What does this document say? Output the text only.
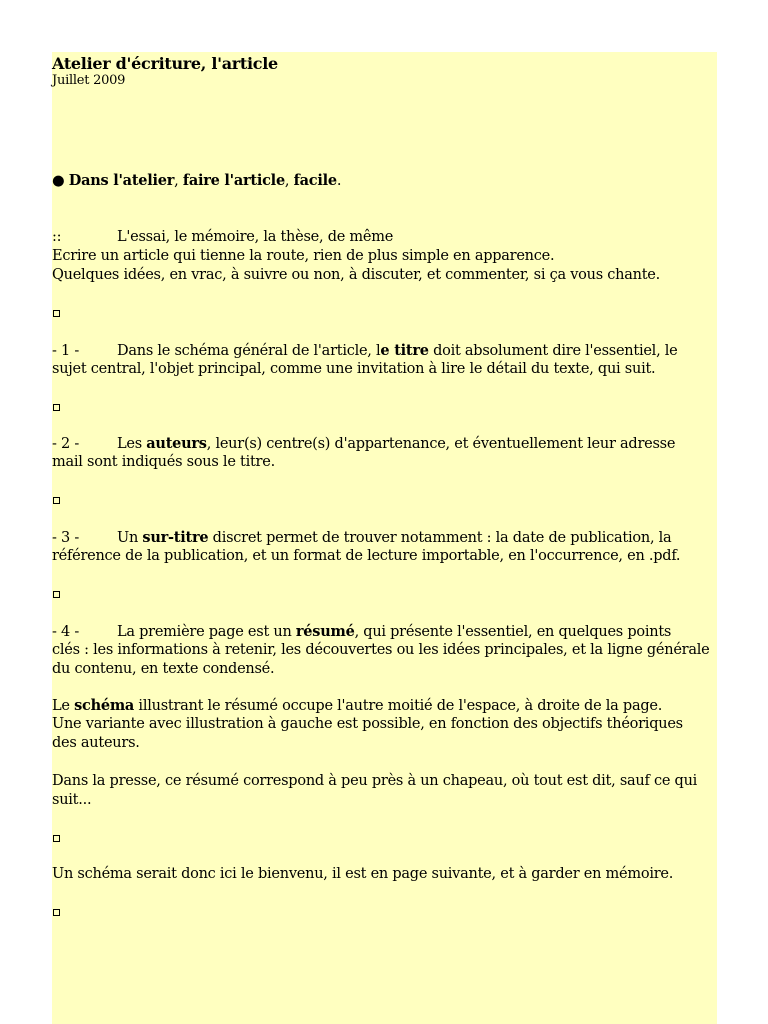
Atelier d'écriture, l'article
Juillet 2009
● Dans l'atelier, faire l'article, facile.
::	L'essai, le mémoire, la thèse, de même
Ecrire un article qui tienne la route, rien de plus simple en apparence.
Quelques idées, en vrac, à suivre ou non, à discuter, et commenter, si ça vous chante.
- 1 -	Dans le schéma général de l'article, le titre doit absolument dire l'essentiel, le
sujet central, l'objet principal, comme une invitation à lire le détail du texte, qui suit.
- 2 -	Les auteurs, leur(s) centre(s) d'appartenance, et éventuellement leur adresse
mail sont indiqués sous le titre.
- 3 -	Un sur-titre discret permet de trouver notamment : la date de publication, la
référence de la publication, et un format de lecture importable, en l'occurrence, en .pdf.
- 4 -	La première page est un résumé, qui présente l'essentiel, en quelques points
clés : les informations à retenir, les découvertes ou les idées principales, et la ligne générale
du contenu, en texte condensé.
Le schéma illustrant le résumé occupe l'autre moitié de l'espace, à droite de la page.
Une variante avec illustration à gauche est possible, en fonction des objectifs théoriques
des auteurs.
Dans la presse, ce résumé correspond à peu près à un chapeau, où tout est dit, sauf ce qui
suit...
Un schéma serait donc ici le bienvenu, il est en page suivante, et à garder en mémoire.
